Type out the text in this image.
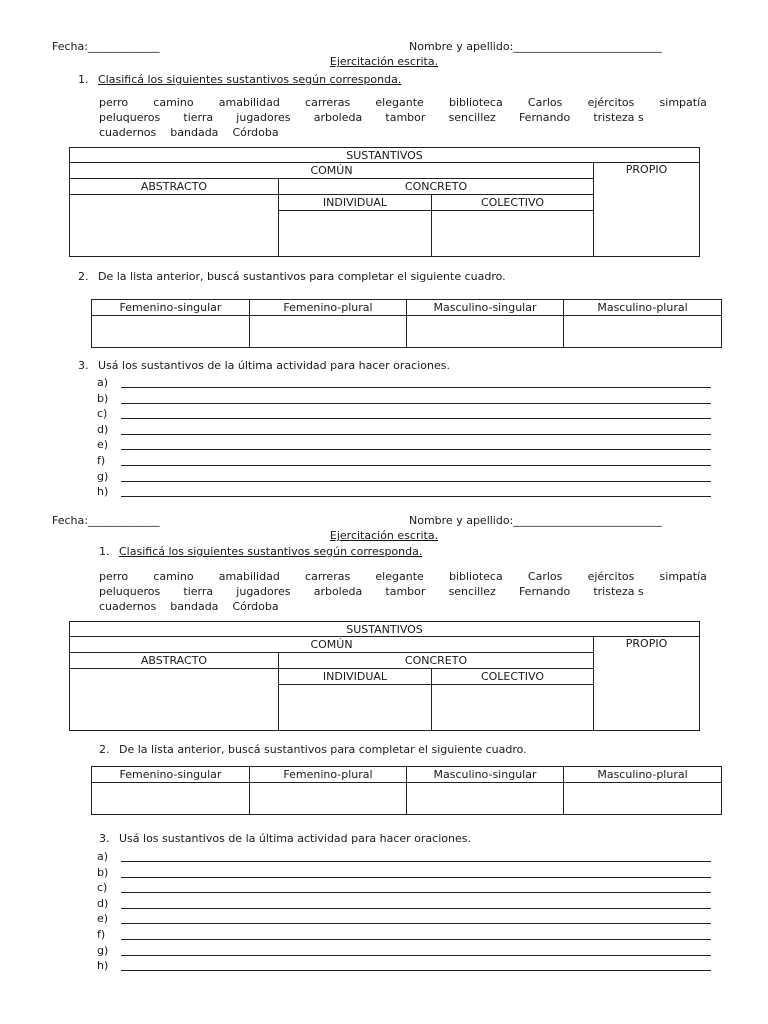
Fecha:_____________	Nombre y apellido:___________________________
Ejercitación escrita.
1. Clasificá los siguientes sustantivos según corresponda.
perro camino amabilidad carreras elegante biblioteca Carlos ejércitos simpatía
peluqueros tierra jugadores arboleda tambor sencillez Fernando tristeza s
cuadernos bandada Córdoba
SUSTANTIVOS			
COMÚN			PROPIO
ABSTRACTO	CONCRETO		
	INDIVIDUAL	COLECTIVO	

2. De la lista anterior, buscá sustantivos para completar el siguiente cuadro.
Femenino-singular	Femenino-plural	Masculino-singular	Masculino-plural

3. Usá los sustantivos de la última actividad para hacer oraciones.
a)
b)
c)
d)
e)
f)
g)
h)
Fecha:_____________	Nombre y apellido:___________________________
Ejercitación escrita.
1. Clasificá los siguientes sustantivos según corresponda.
perro camino amabilidad carreras elegante biblioteca Carlos ejércitos simpatía
peluqueros tierra jugadores arboleda tambor sencillez Fernando tristeza s
cuadernos bandada Córdoba
SUSTANTIVOS			
COMÚN			PROPIO
ABSTRACTO	CONCRETO		
	INDIVIDUAL	COLECTIVO	

2. De la lista anterior, buscá sustantivos para completar el siguiente cuadro.
Femenino-singular	Femenino-plural	Masculino-singular	Masculino-plural

3. Usá los sustantivos de la última actividad para hacer oraciones.
a)
b)
c)
d)
e)
f)
g)
h)
